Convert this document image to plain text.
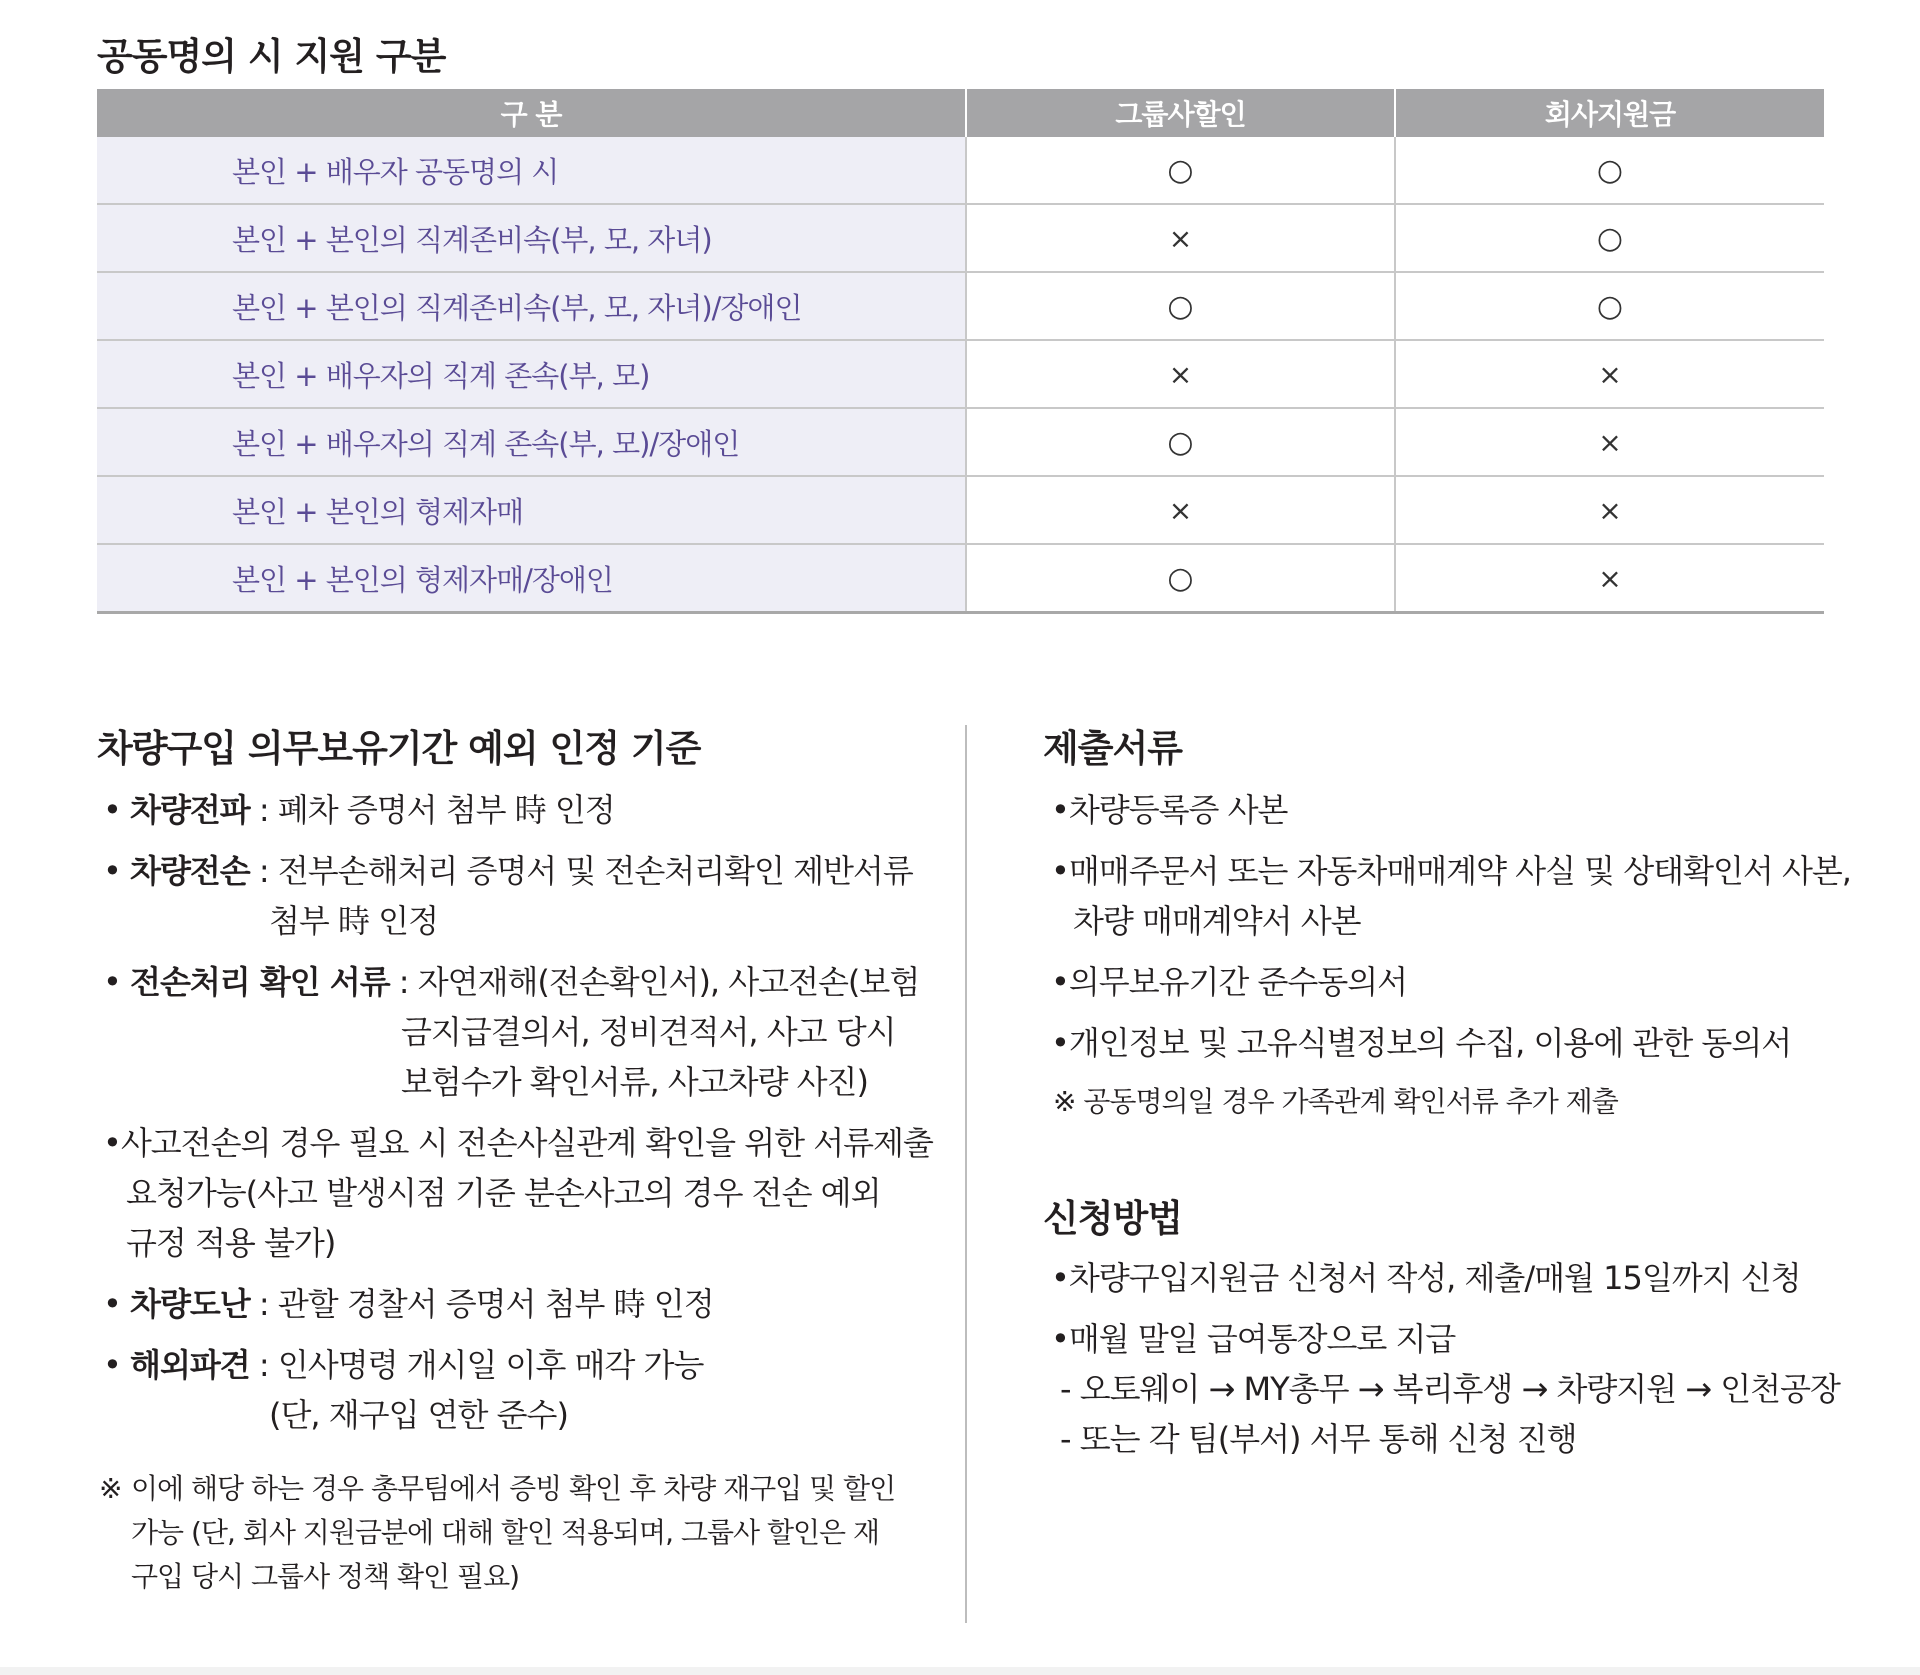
공동명의 시 지원 구분
구 분	그룹사할인	회사지원금
본인 + 배우자 공동명의 시	○	○
본인 + 본인의 직계존비속(부, 모, 자녀)	×	○
본인 + 본인의 직계존비속(부, 모, 자녀)/장애인	○	○
본인 + 배우자의 직계 존속(부, 모)	×	×
본인 + 배우자의 직계 존속(부, 모)/장애인	○	×
본인 + 본인의 형제자매	×	×
본인 + 본인의 형제자매/장애인	○	×
차량구입 의무보유기간 예외 인정 기준
• 차량전파 : 폐차 증명서 첨부 時 인정
• 차량전손 : 전부손해처리 증명서 및 전손처리확인 제반서류
첨부 時 인정
• 전손처리 확인 서류 : 자연재해(전손확인서), 사고전손(보험
금지급결의서, 정비견적서, 사고 당시
보험수가 확인서류, 사고차량 사진)
•사고전손의 경우 필요 시 전손사실관계 확인을 위한 서류제출
요청가능(사고 발생시점 기준 분손사고의 경우 전손 예외
규정 적용 불가)
• 차량도난 : 관할 경찰서 증명서 첨부 時 인정
• 해외파견 : 인사명령 개시일 이후 매각 가능
(단, 재구입 연한 준수)
※ 이에 해당 하는 경우 총무팀에서 증빙 확인 후 차량 재구입 및 할인
가능 (단, 회사 지원금분에 대해 할인 적용되며, 그룹사 할인은 재
구입 당시 그룹사 정책 확인 필요)
제출서류
•차량등록증 사본
•매매주문서 또는 자동차매매계약 사실 및 상태확인서 사본,
차량 매매계약서 사본
•의무보유기간 준수동의서
•개인정보 및 고유식별정보의 수집, 이용에 관한 동의서
※ 공동명의일 경우 가족관계 확인서류 추가 제출
신청방법
•차량구입지원금 신청서 작성, 제출/매월 15일까지 신청
•매월 말일 급여통장으로 지급
- 오토웨이 → MY총무 → 복리후생 → 차량지원 → 인천공장
- 또는 각 팀(부서) 서무 통해 신청 진행
